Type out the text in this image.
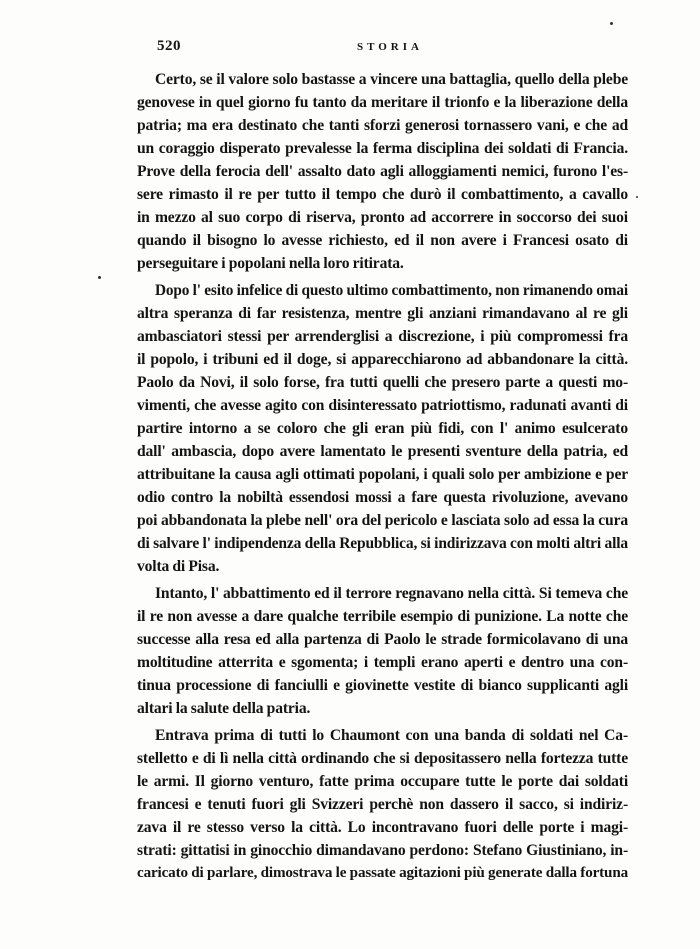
520	STORIA
Certo, se il valore solo bastasse a vincere una battaglia, quello della plebe
genovese in quel giorno fu tanto da meritare il trionfo e la liberazione della
patria; ma era destinato che tanti sforzi generosi tornassero vani, e che ad
un coraggio disperato prevalesse la ferma disciplina dei soldati di Francia.
Prove della ferocia dell' assalto dato agli alloggiamenti nemici, furono l'es-
sere rimasto il re per tutto il tempo che durò il combattimento, a cavallo
in mezzo al suo corpo di riserva, pronto ad accorrere in soccorso dei suoi
quando il bisogno lo avesse richiesto, ed il non avere i Francesi osato di
perseguitare i popolani nella loro ritirata.
Dopo l' esito infelice di questo ultimo combattimento, non rimanendo omai
altra speranza di far resistenza, mentre gli anziani rimandavano al re gli
ambasciatori stessi per arrenderglisi a discrezione, i più compromessi fra
il popolo, i tribuni ed il doge, si apparecchiarono ad abbandonare la città.
Paolo da Novi, il solo forse, fra tutti quelli che presero parte a questi mo-
vimenti, che avesse agito con disinteressato patriottismo, radunati avanti di
partire intorno a se coloro che gli eran più fidi, con l' animo esulcerato
dall' ambascia, dopo avere lamentato le presenti sventure della patria, ed
attribuitane la causa agli ottimati popolani, i quali solo per ambizione e per
odio contro la nobiltà essendosi mossi a fare questa rivoluzione, avevano
poi abbandonata la plebe nell' ora del pericolo e lasciata solo ad essa la cura
di salvare l' indipendenza della Repubblica, si indirizzava con molti altri alla
volta di Pisa.
Intanto, l' abbattimento ed il terrore regnavano nella città. Si temeva che
il re non avesse a dare qualche terribile esempio di punizione. La notte che
successe alla resa ed alla partenza di Paolo le strade formicolavano di una
moltitudine atterrita e sgomenta; i templi erano aperti e dentro una con-
tinua processione di fanciulli e giovinette vestite di bianco supplicanti agli
altari la salute della patria.
Entrava prima di tutti lo Chaumont con una banda di soldati nel Ca-
stelletto e di lì nella città ordinando che si depositassero nella fortezza tutte
le armi. Il giorno venturo, fatte prima occupare tutte le porte dai soldati
francesi e tenuti fuori gli Svizzeri perchè non dassero il sacco, si indiriz-
zava il re stesso verso la città. Lo incontravano fuori delle porte i magi-
strati: gittatisi in ginocchio dimandavano perdono: Stefano Giustiniano, in-
caricato di parlare, dimostrava le passate agitazioni più generate dalla fortuna
